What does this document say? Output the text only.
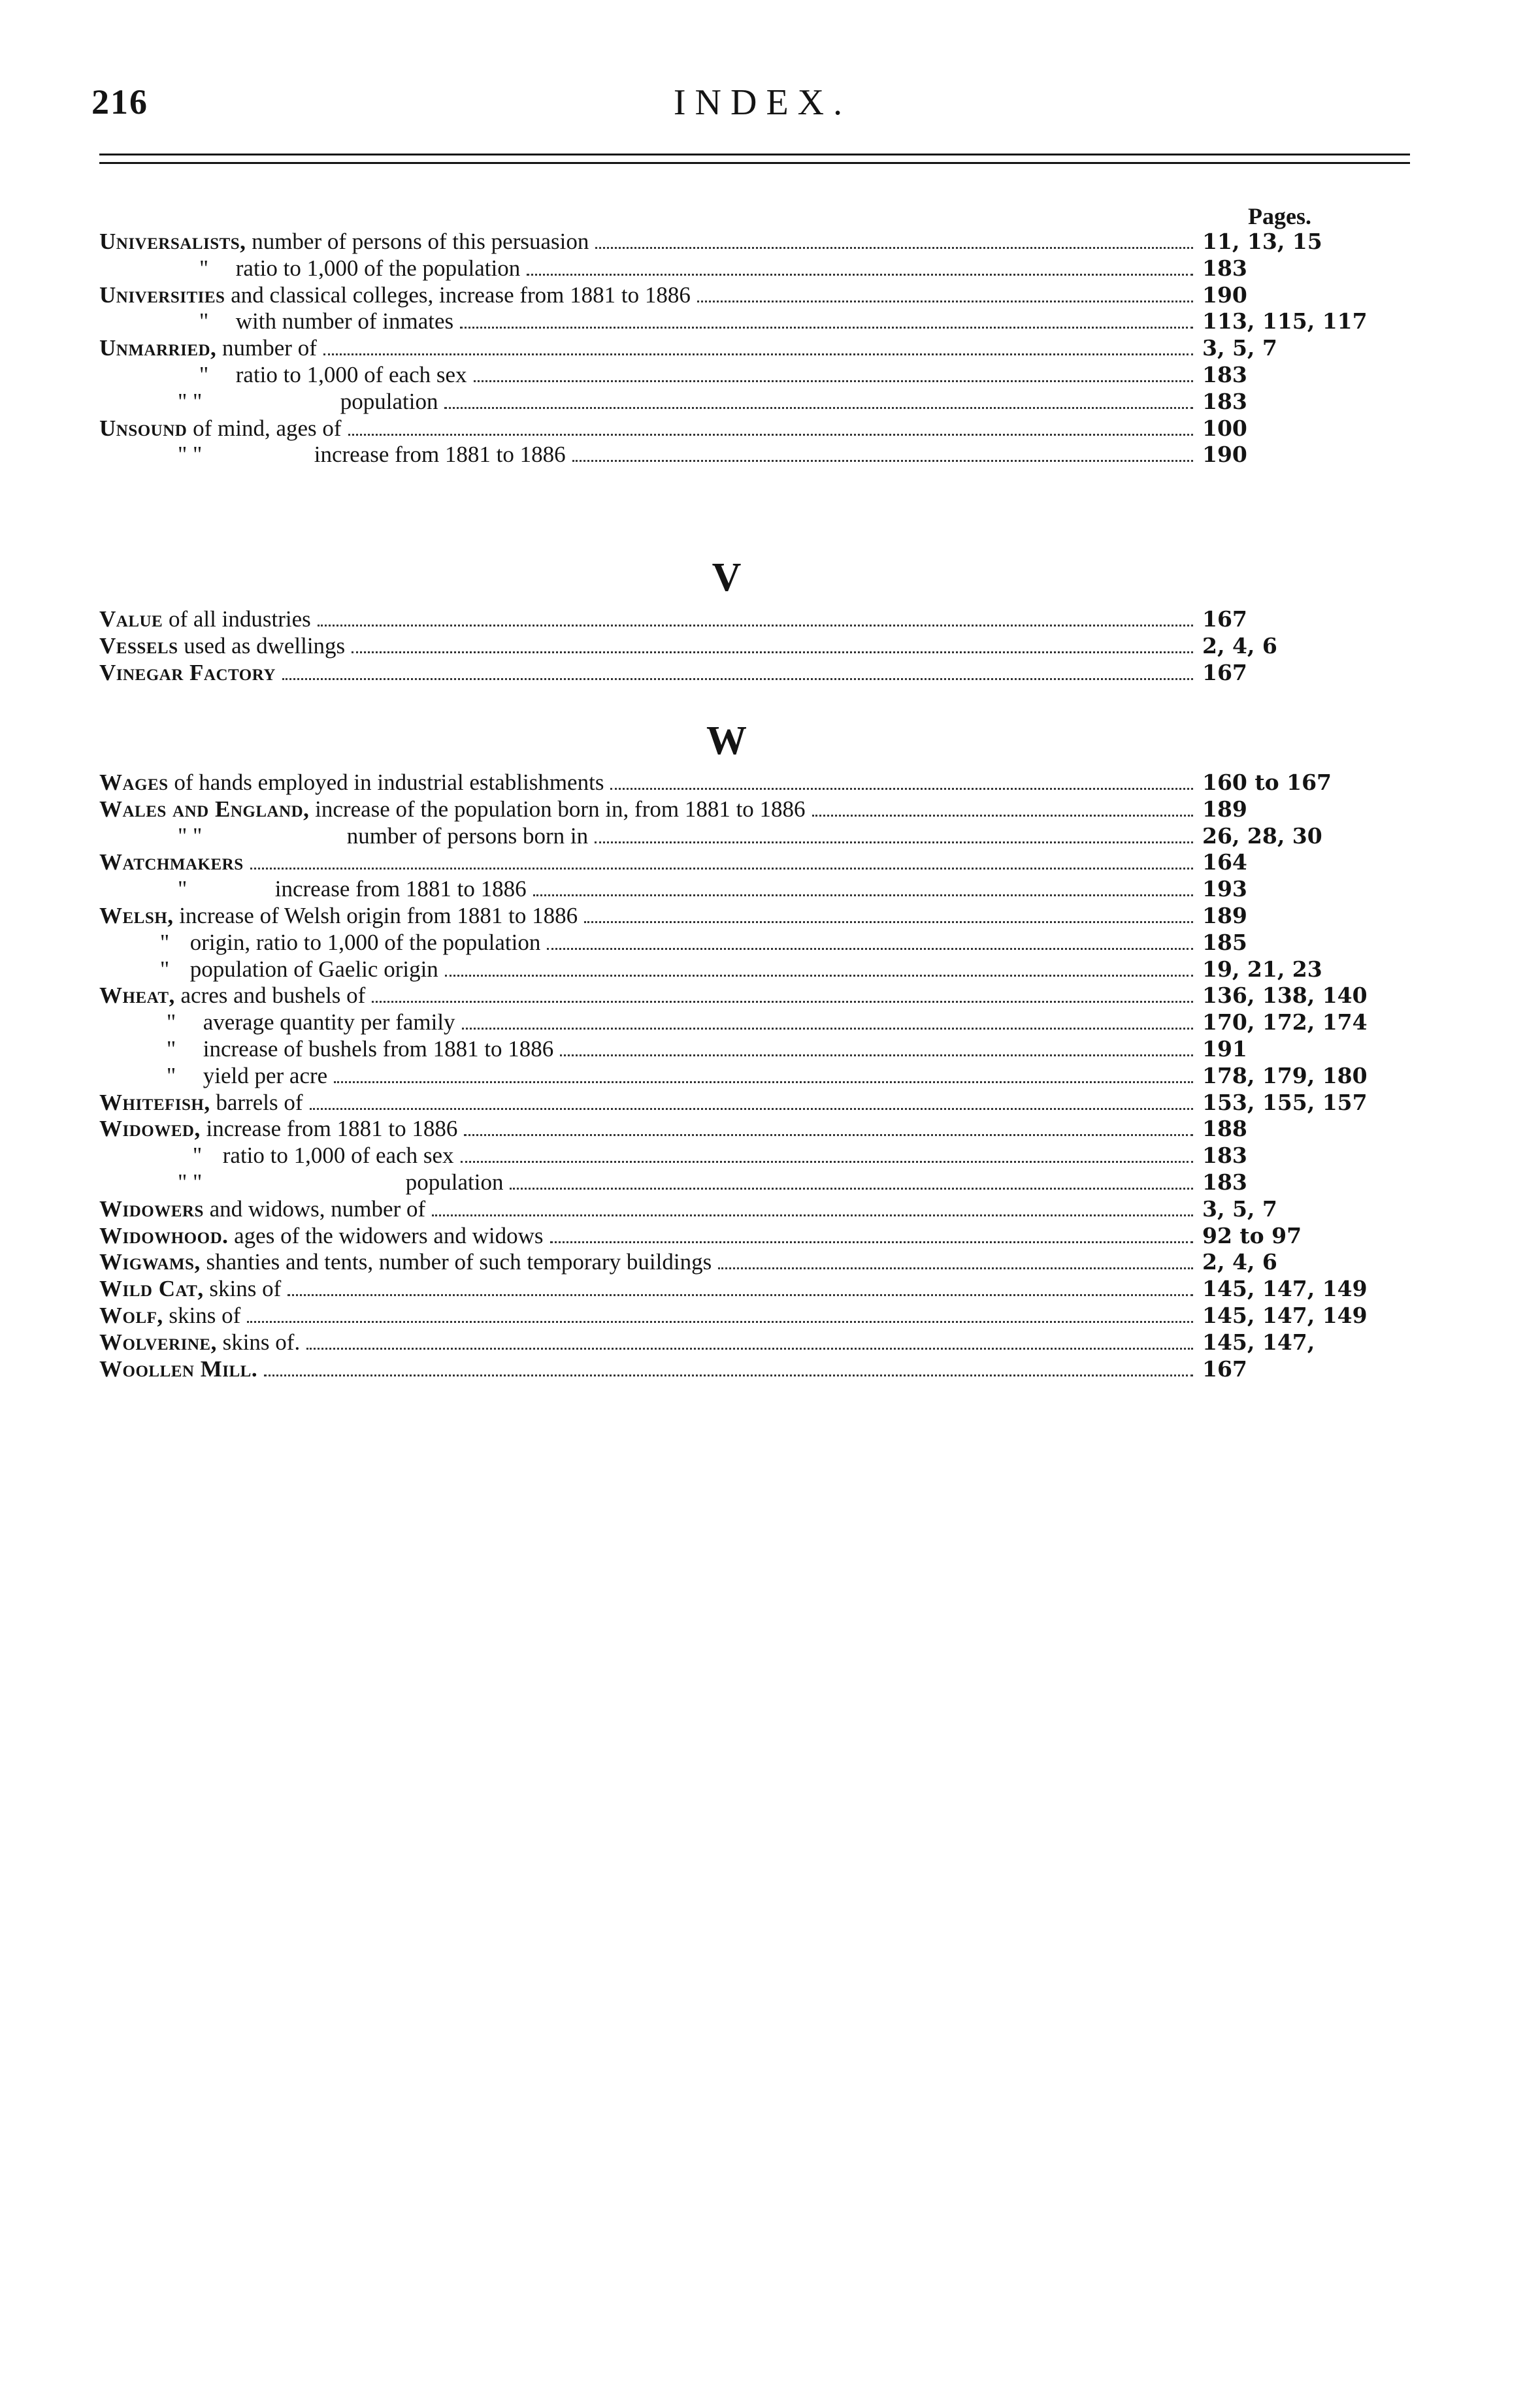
216	INDEX.
Pages.
Universalists, number of persons of this persuasion	11, 13, 15
'' ratio to 1,000 of the population	183
Universities and classical colleges, increase from 1881 to 1886	190
" with number of inmates	113, 115, 117
Unmarried, number of	3, 5, 7
" ratio to 1,000 of each sex	183
" "	population	183
Unsound of mind, ages of	100
" "	increase from 1881 to 1886	190
V
Value of all industries	167
Vessels used as dwellings	2, 4, 6
Vinegar Factory	167
W
Wages of hands employed in industrial establishments	160 to 167
Wales and England, increase of the population born in, from 1881 to 1886	189
" "	number of persons born in	26, 28, 30
Watchmakers	164
"	increase from 1881 to 1886	193
Welsh, increase of Welsh origin from 1881 to 1886	189
" origin, ratio to 1,000 of the population	185
" population of Gaelic origin	19, 21, 23
Wheat, acres and bushels of	136, 138, 140
" average quantity per family	170, 172, 174
" increase of bushels from 1881 to 1886	191
" yield per acre	178, 179, 180
Whitefish, barrels of	153, 155, 157
Widowed, increase from 1881 to 1886	188
" ratio to 1,000 of each sex	183
" "	population	183
Widowers and widows, number of	3, 5, 7
Widowhood. ages of the widowers and widows	92 to 97
Wigwams, shanties and tents, number of such temporary buildings	2, 4, 6
Wild Cat, skins of	145, 147, 149
Wolf, skins of	145, 147, 149
Wolverine, skins of.	145, 147,
Woollen Mill.	167
